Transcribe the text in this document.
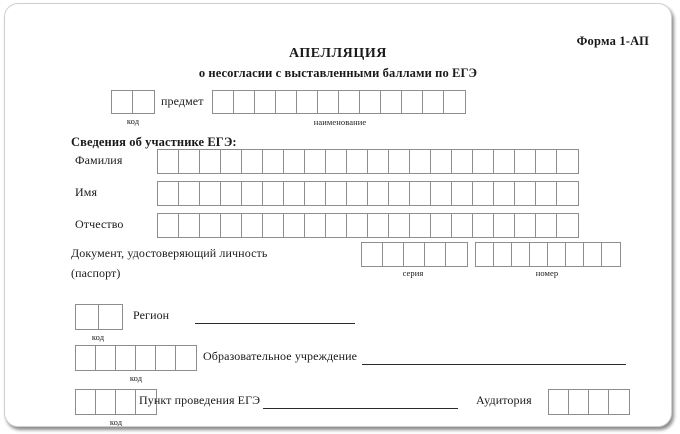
Форма 1-АП
АПЕЛЛЯЦИЯ
о несогласии с выставленными баллами по ЕГЭ
код
предмет
наименование
Сведения об участнике ЕГЭ:
Фамилия
Имя
Отчество
Документ, удостоверяющий личность
(паспорт)	серия	номер
код
Регион
код
Образовательное учреждение
код
Пункт проведения ЕГЭ	Аудитория
